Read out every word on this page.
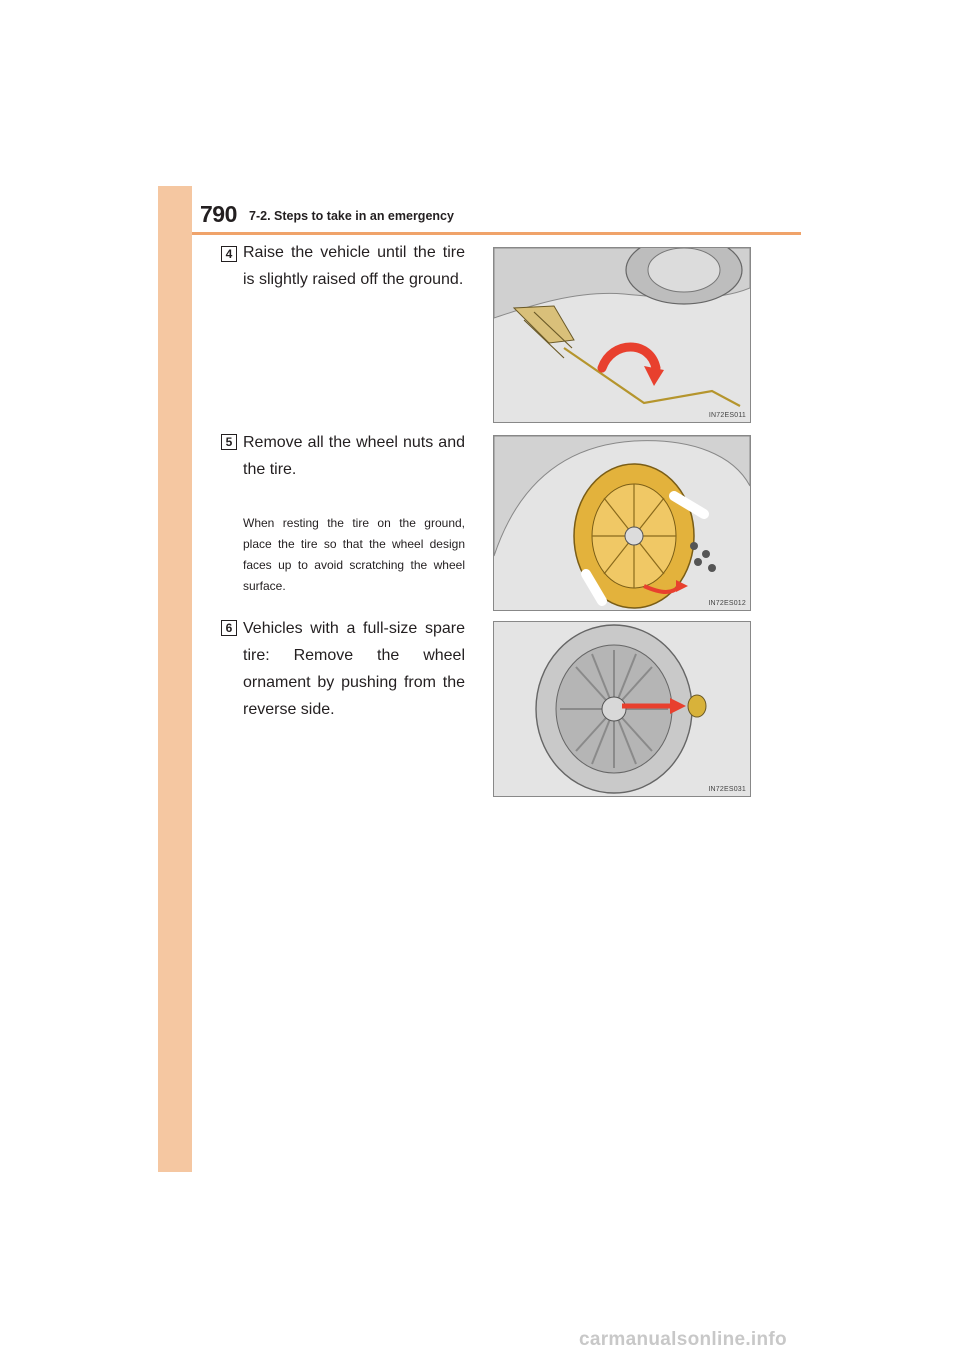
790 7-2. Steps to take in an emergency
4 Raise the vehicle until the tire is slightly raised off the ground.
IN72ES011
5 Remove all the wheel nuts and the tire.
When resting the tire on the ground, place the tire so that the wheel design faces up to avoid scratching the wheel surface.
IN72ES012
6 Vehicles with a full-size spare tire: Remove the wheel ornament by pushing from the reverse side.
IN72ES031
carmanualsonline.info
